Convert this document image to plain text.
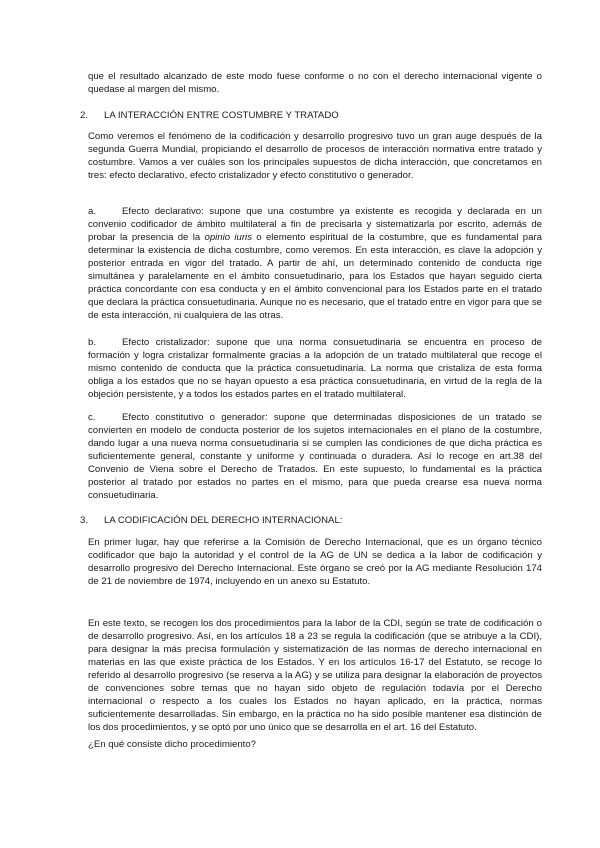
que el resultado alcanzado de este modo fuese conforme o no con el derecho internacional vigente o quedase al margen del mismo.

2. LA INTERACCIÓN ENTRE COSTUMBRE Y TRATADO

Como veremos el fenómeno de la codificación y desarrollo progresivo tuvo un gran auge después de la segunda Guerra Mundial, propiciando el desarrollo de procesos de interacción normativa entre tratado y costumbre. Vamos a ver cuáles son los principales supuestos de dicha interacción, que concretamos en tres: efecto declarativo, efecto cristalizador y efecto constitutivo o generador.

a.	Efecto declarativo: supone que una costumbre ya existente es recogida y declarada en un convenio codificador de ámbito multilateral a fin de precisarla y sistematizarla por escrito, además de probar la presencia de la opinio iuris o elemento espiritual de la costumbre, que es fundamental para determinar la existencia de dicha costumbre, como veremos. En esta interacción, es clave la adopción y posterior entrada en vigor del tratado. A partir de ahí, un determinado contenido de conducta rige simultánea y paralelamente en el ámbito consuetudinario, para los Estados que hayan seguido cierta práctica concordante con esa conducta y en el ámbito convencional para los Estados parte en el tratado que declara la práctica consuetudinaria. Aunque no es necesario, que el tratado entre en vigor para que se de esta interacción, ni cualquiera de las otras.

b.	Efecto cristalizador: supone que una norma consuetudinaria se encuentra en proceso de formación y logra cristalizar formalmente gracias a la adopción de un tratado multilateral que recoge el mismo contenido de conducta que la práctica consuetudinaria. La norma que cristaliza de esta forma obliga a los estados que no se hayan opuesto a esa práctica consuetudinaria, en virtud de la regla de la objeción persistente, y a todos los estados partes en el tratado multilateral.

c.	Efecto constitutivo o generador: supone que determinadas disposiciones de un tratado se convierten en modelo de conducta posterior de los sujetos internacionales en el plano de la costumbre, dando lugar a una nueva norma consuetudinaria si se cumplen las condiciones de que dicha práctica es suficientemente general, constante y uniforme y continuada o duradera. Así lo recoge en art.38 del Convenio de Viena sobre el Derecho de Tratados. En este supuesto, lo fundamental es la práctica posterior al tratado por estados no partes en el mismo, para que pueda crearse esa nueva norma consuetudinaria.

3. LA CODIFICACIÓN DEL DERECHO INTERNACIONAL:

En primer lugar, hay que referirse a la Comisión de Derecho Internacional, que es un órgano técnico codificador que bajo la autoridad y el control de la AG de UN se dedica a la labor de codificación y desarrollo progresivo del Derecho Internacional. Este órgano se creó por la AG mediante Resolución 174 de 21 de noviembre de 1974, incluyendo en un anexo su Estatuto.

En este texto, se recogen los dos procedimientos para la labor de la CDI, según se trate de codificación o de desarrollo progresivo. Así, en los artículos 18 a 23 se regula la codificación (que se atribuye a la CDI), para designar la más precisa formulación y sistematización de las normas de derecho internacional en materias en las que existe práctica de los Estados. Y en los artículos 16-17 del Estatuto, se recoge lo referido al desarrollo progresivo (se reserva a la AG) y se utiliza para designar la elaboración de proyectos de convenciones sobre temas que no hayan sido objeto de regulación todavía por el Derecho internacional o respecto a los cuales los Estados no hayan aplicado, en la práctica, normas suficientemente desarrolladas. Sin embargo, en la práctica no ha sido posible mantener esa distinción de los dos procedimientos, y se optó por uno único que se desarrolla en el art. 16 del Estatuto.

¿En qué consiste dicho procedimiento?
